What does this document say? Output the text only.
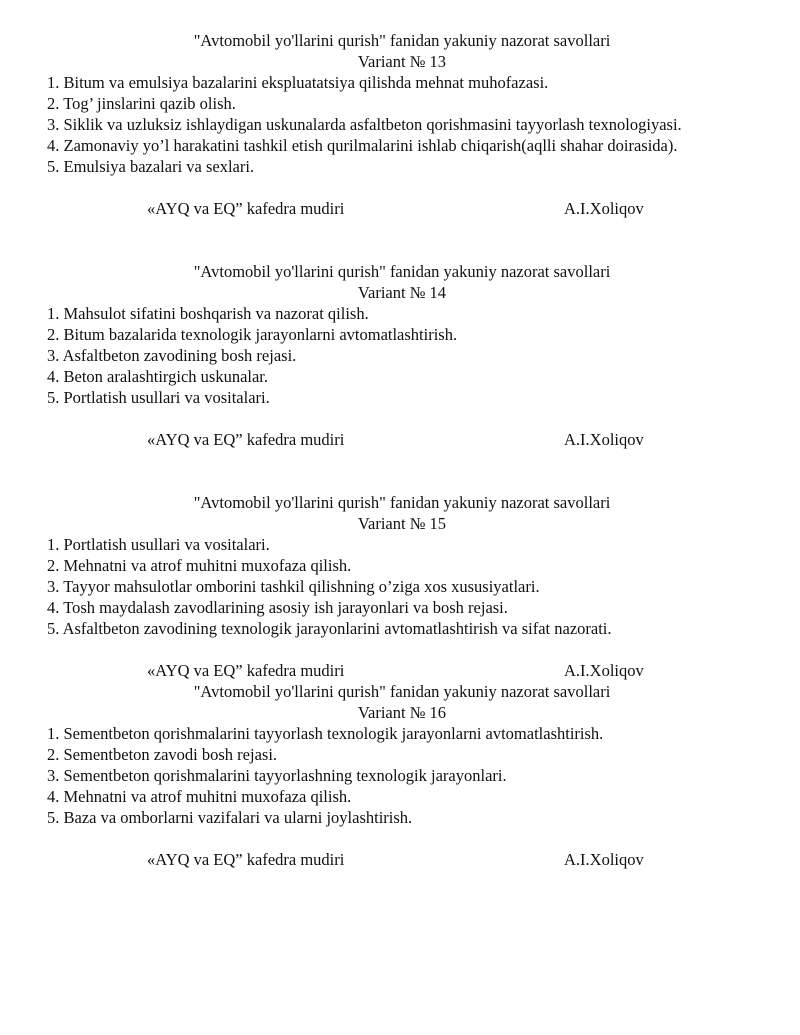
"Avtomobil yo'llarini qurish" fanidan yakuniy nazorat savollari
Variant № 13
1. Bitum va emulsiya bazalarini ekspluatatsiya qilishda mehnat muhofazasi.
2. Tog’ jinslarini qazib olish.
3. Siklik va uzluksiz ishlaydigan uskunalarda asfaltbeton qorishmasini tayyorlash texnologiyasi.
4. Zamonaviy yo’l harakatini tashkil etish qurilmalarini ishlab chiqarish(aqlli shahar doirasida).
5. Emulsiya bazalari va sexlari.
«AYQ va EQ” kafedra mudiri	A.I.Xoliqov
"Avtomobil yo'llarini qurish" fanidan yakuniy nazorat savollari
Variant № 14
1. Mahsulot sifatini boshqarish va nazorat qilish.
2. Bitum bazalarida texnologik jarayonlarni avtomatlashtirish.
3. Asfaltbeton zavodining bosh rejasi.
4. Beton aralashtirgich uskunalar.
5. Portlatish usullari va vositalari.
«AYQ va EQ” kafedra mudiri	A.I.Xoliqov
"Avtomobil yo'llarini qurish" fanidan yakuniy nazorat savollari
Variant № 15
1. Portlatish usullari va vositalari.
2. Mehnatni va atrof muhitni muxofaza qilish.
3. Tayyor mahsulotlar omborini tashkil qilishning o’ziga xos xususiyatlari.
4. Tosh maydalash zavodlarining asosiy ish jarayonlari va bosh rejasi.
5. Asfaltbeton zavodining texnologik jarayonlarini avtomatlashtirish va sifat nazorati.
«AYQ va EQ” kafedra mudiri	A.I.Xoliqov
"Avtomobil yo'llarini qurish" fanidan yakuniy nazorat savollari
Variant № 16
1. Sementbeton qorishmalarini tayyorlash texnologik jarayonlarni avtomatlashtirish.
2. Sementbeton zavodi bosh rejasi.
3. Sementbeton qorishmalarini tayyorlashning texnologik jarayonlari.
4. Mehnatni va atrof muhitni muxofaza qilish.
5. Baza va omborlarni vazifalari va ularni joylashtirish.
«AYQ va EQ” kafedra mudiri	A.I.Xoliqov
